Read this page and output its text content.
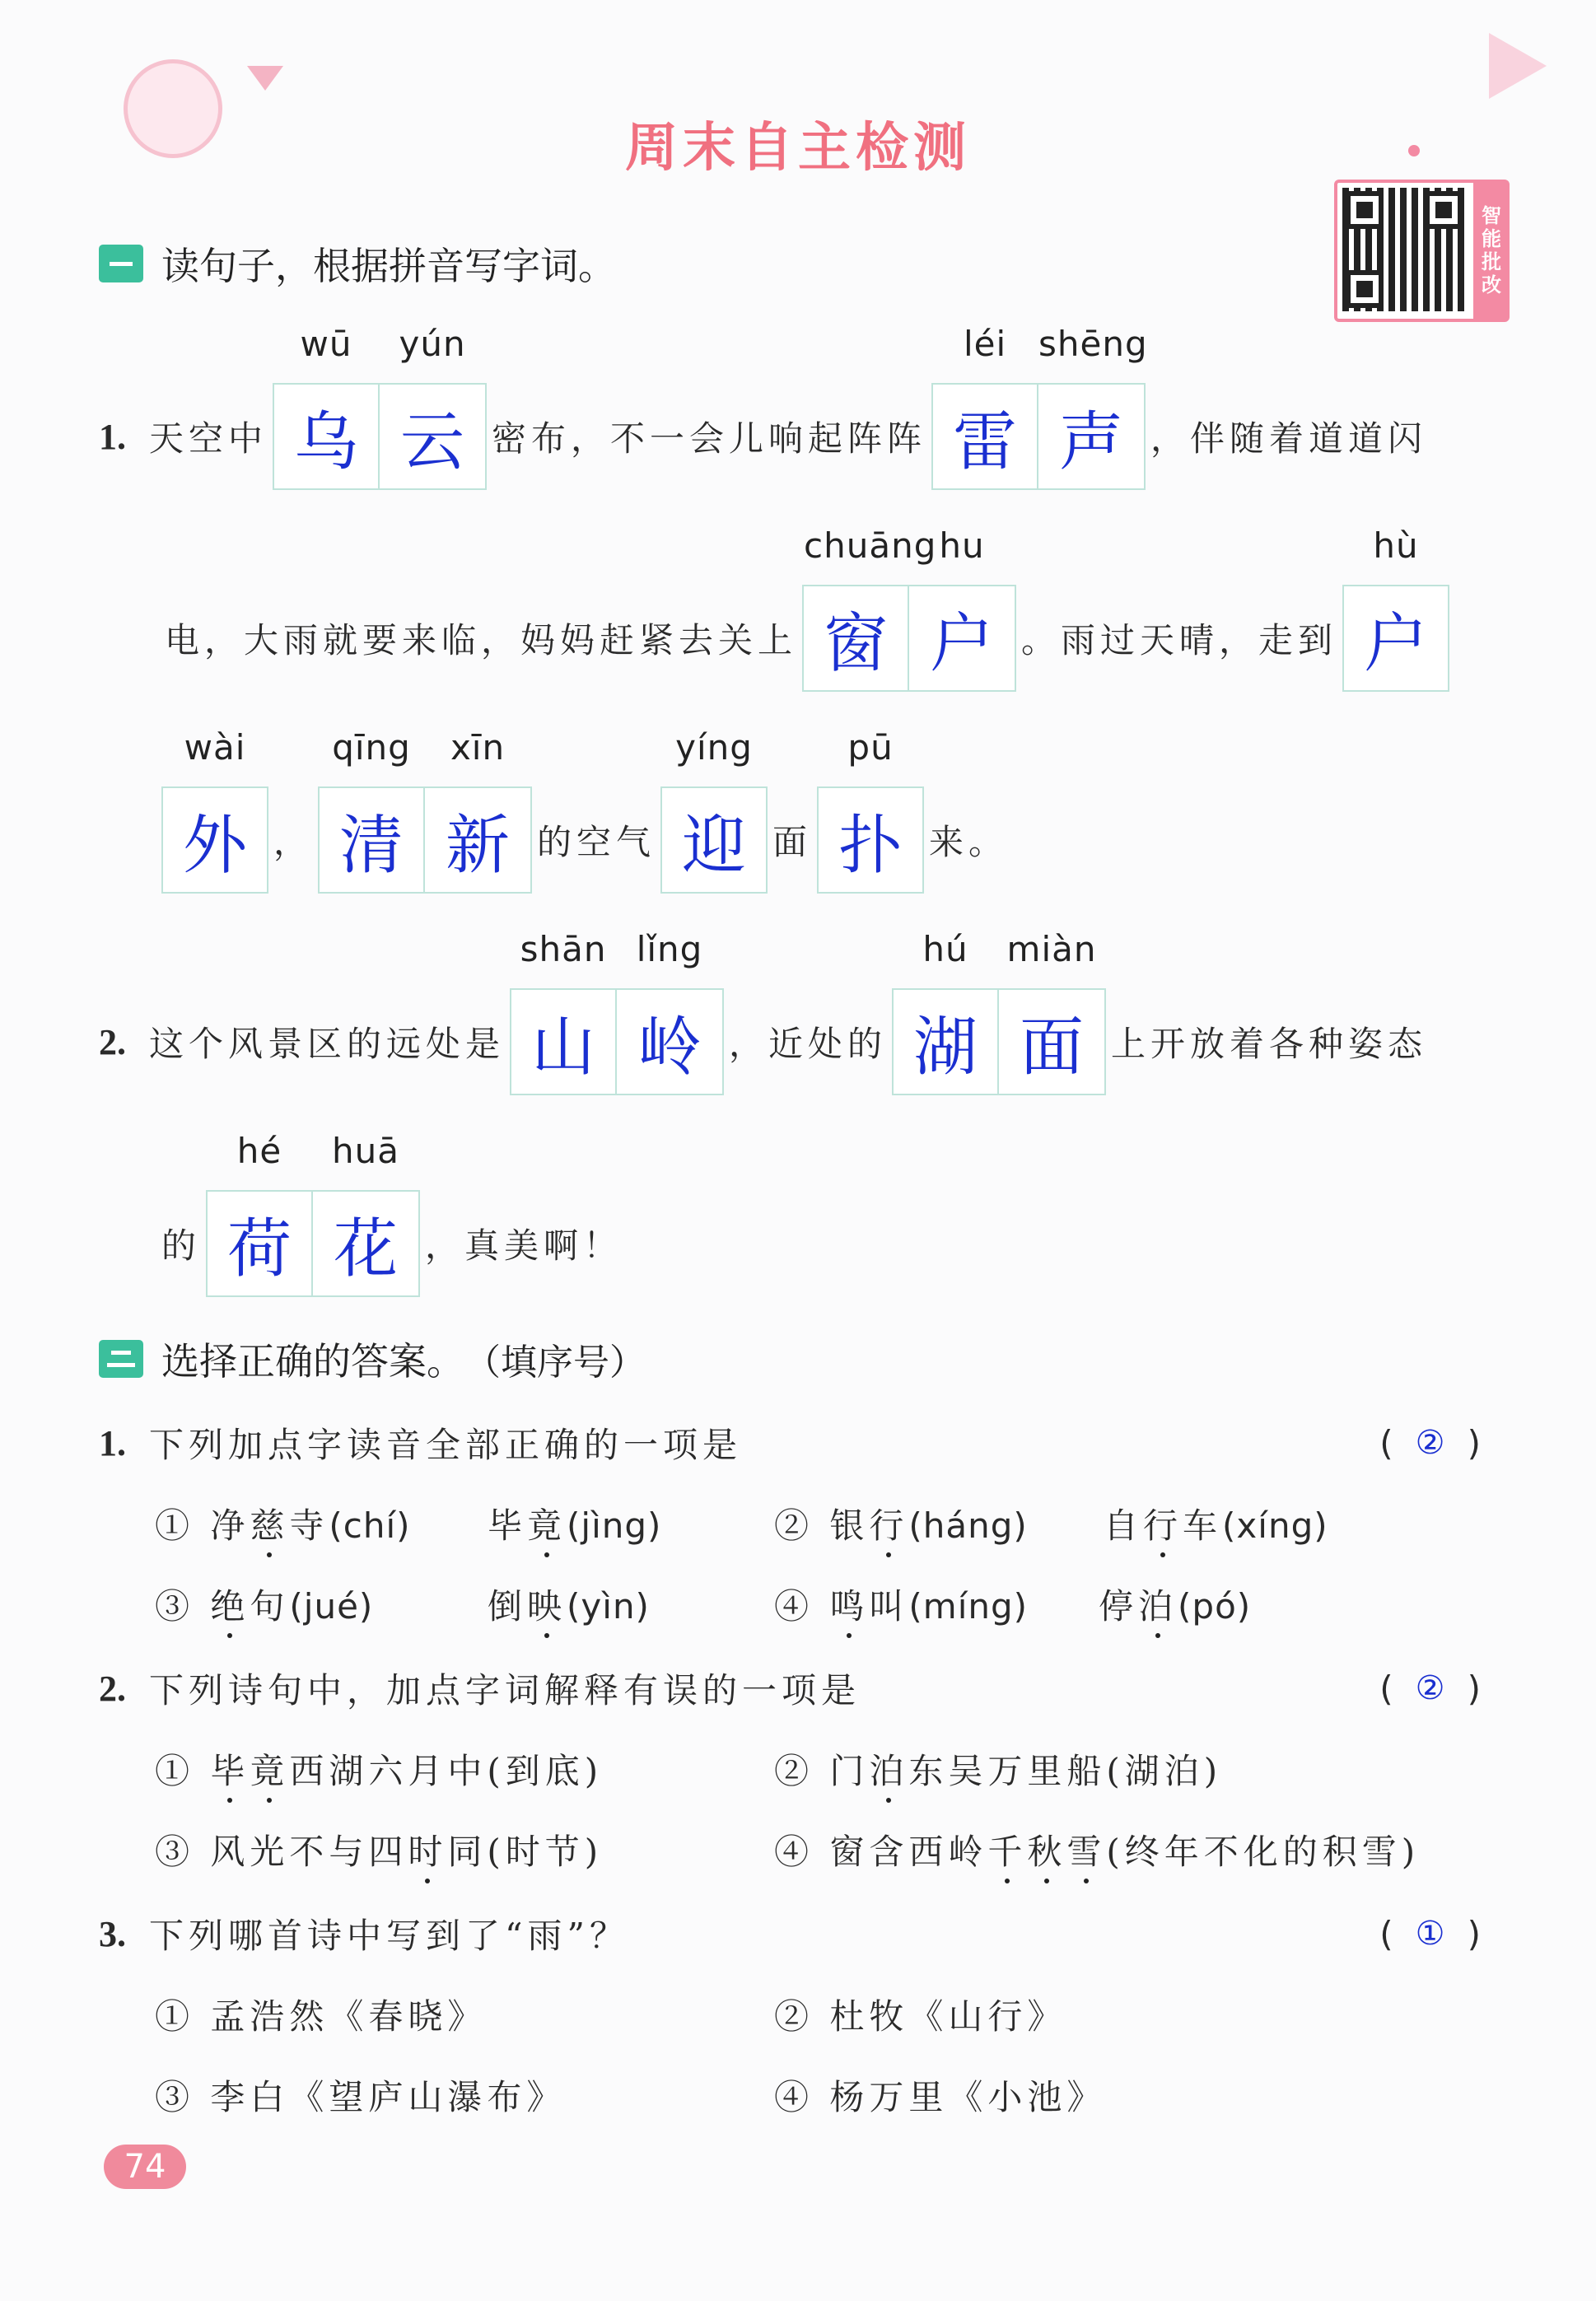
周末自主检测
智能批改
读句子，根据拼音写字词。
1. 天空中
wū
乌
yún
云 密布，不一会儿响起阵阵
léi
雷
shēng
声 ，伴随着道道闪
电，大雨就要来临，妈妈赶紧去关上
chuāng
窗
hu
户 。雨过天晴，走到
hù
户
wài
外 ，
qīng
清
xīn
新 的空气
yíng
迎 面
pū
扑 来。
2. 这个风景区的远处是
shān
山
lǐng
岭 ，近处的
hú
湖
miàn
面 上开放着各种姿态
的
hé
荷
huā
花 ，真美啊！
选择正确的答案。 （填序号）
1. 下列加点字读音全部正确的一项是	( ② )
① 净慈寺(chí) 毕竟(jìng)	② 银行(háng) 自行车(xíng)
③ 绝句(jué)	倒映(yìn)	④ 鸣叫(míng) 停泊(pó)
2. 下列诗句中，加点字词解释有误的一项是	( ② )
① 毕竟西湖六月中(到底)	② 门泊东吴万里船(湖泊)
③ 风光不与四时同(时节)	④ 窗含西岭千秋雪(终年不化的积雪)
3. 下列哪首诗中写到了“雨”？	( ① )
① 孟浩然《春晓》	② 杜牧《山行》
③ 李白《望庐山瀑布》	④ 杨万里《小池》
74
